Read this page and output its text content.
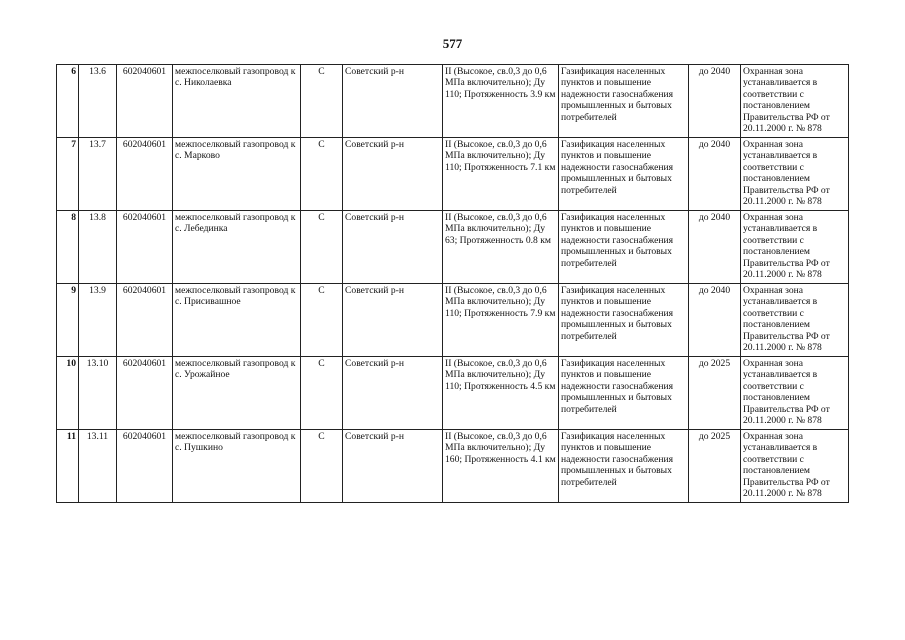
577
6	13.6	602040601	межпоселковый газопровод к с. Николаевка	С	Советский р-н	II (Высокое, св.0,3 до 0,6 МПа включительно); Ду 110; Протяженность 3.9 км	Газификация населенных пунктов и повышение надежности газоснабжения промышленных и бытовых потребителей	до 2040	Охранная зона устанавливается в соответствии с постановлением Правительства РФ от 20.11.2000 г. № 878
7	13.7	602040601	межпоселковый газопровод к с. Марково	С	Советский р-н	II (Высокое, св.0,3 до 0,6 МПа включительно); Ду 110; Протяженность 7.1 км	Газификация населенных пунктов и повышение надежности газоснабжения промышленных и бытовых потребителей	до 2040	Охранная зона устанавливается в соответствии с постановлением Правительства РФ от 20.11.2000 г. № 878
8	13.8	602040601	межпоселковый газопровод к с. Лебединка	С	Советский р-н	II (Высокое, св.0,3 до 0,6 МПа включительно); Ду 63; Протяженность 0.8 км	Газификация населенных пунктов и повышение надежности газоснабжения промышленных и бытовых потребителей	до 2040	Охранная зона устанавливается в соответствии с постановлением Правительства РФ от 20.11.2000 г. № 878
9	13.9	602040601	межпоселковый газопровод к с. Присивашное	С	Советский р-н	II (Высокое, св.0,3 до 0,6 МПа включительно); Ду 110; Протяженность 7.9 км	Газификация населенных пунктов и повышение надежности газоснабжения промышленных и бытовых потребителей	до 2040	Охранная зона устанавливается в соответствии с постановлением Правительства РФ от 20.11.2000 г. № 878
10	13.10	602040601	межпоселковый газопровод к с. Урожайное	С	Советский р-н	II (Высокое, св.0,3 до 0,6 МПа включительно); Ду 110; Протяженность 4.5 км	Газификация населенных пунктов и повышение надежности газоснабжения промышленных и бытовых потребителей	до 2025	Охранная зона устанавливается в соответствии с постановлением Правительства РФ от 20.11.2000 г. № 878
11	13.11	602040601	межпоселковый газопровод к с. Пушкино	С	Советский р-н	II (Высокое, св.0,3 до 0,6 МПа включительно); Ду 160; Протяженность 4.1 км	Газификация населенных пунктов и повышение надежности газоснабжения промышленных и бытовых потребителей	до 2025	Охранная зона устанавливается в соответствии с постановлением Правительства РФ от 20.11.2000 г. № 878
